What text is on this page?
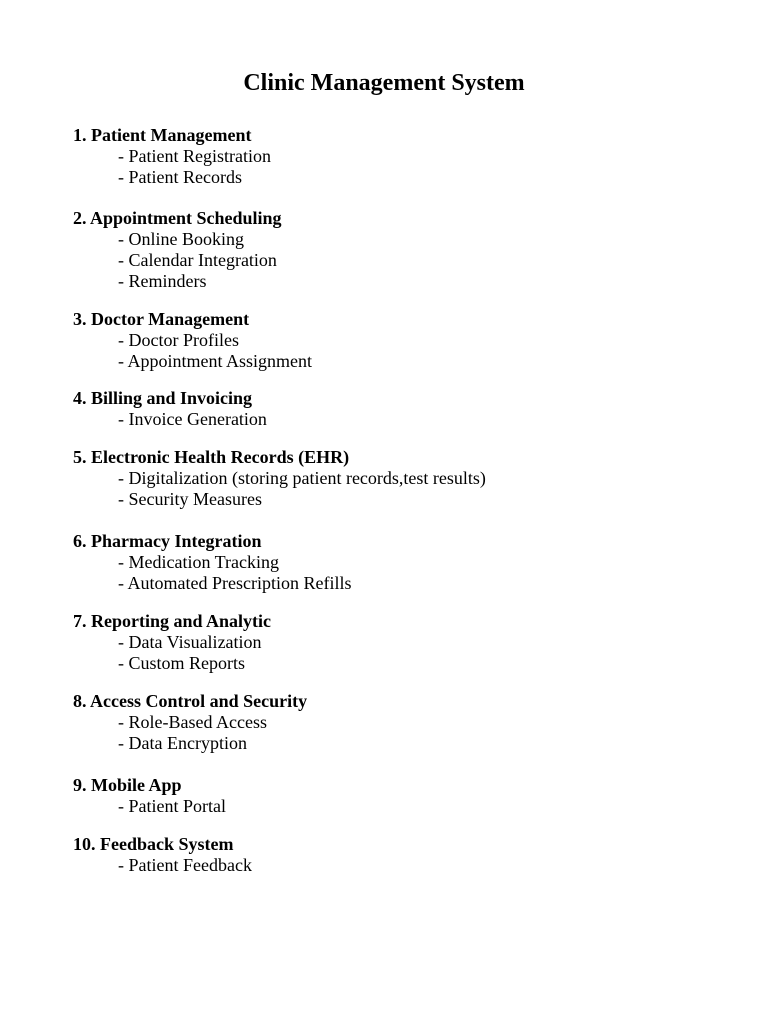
Clinic Management System
1. Patient Management
- Patient Registration
- Patient Records
2. Appointment Scheduling
- Online Booking
- Calendar Integration
- Reminders
3. Doctor Management
- Doctor Profiles
- Appointment Assignment
4. Billing and Invoicing
- Invoice Generation
5. Electronic Health Records (EHR)
- Digitalization (storing patient records,test results)
- Security Measures
6. Pharmacy Integration
- Medication Tracking
- Automated Prescription Refills
7. Reporting and Analytic
- Data Visualization
- Custom Reports
8. Access Control and Security
- Role-Based Access
- Data Encryption
9. Mobile App
- Patient Portal
10. Feedback System
- Patient Feedback
